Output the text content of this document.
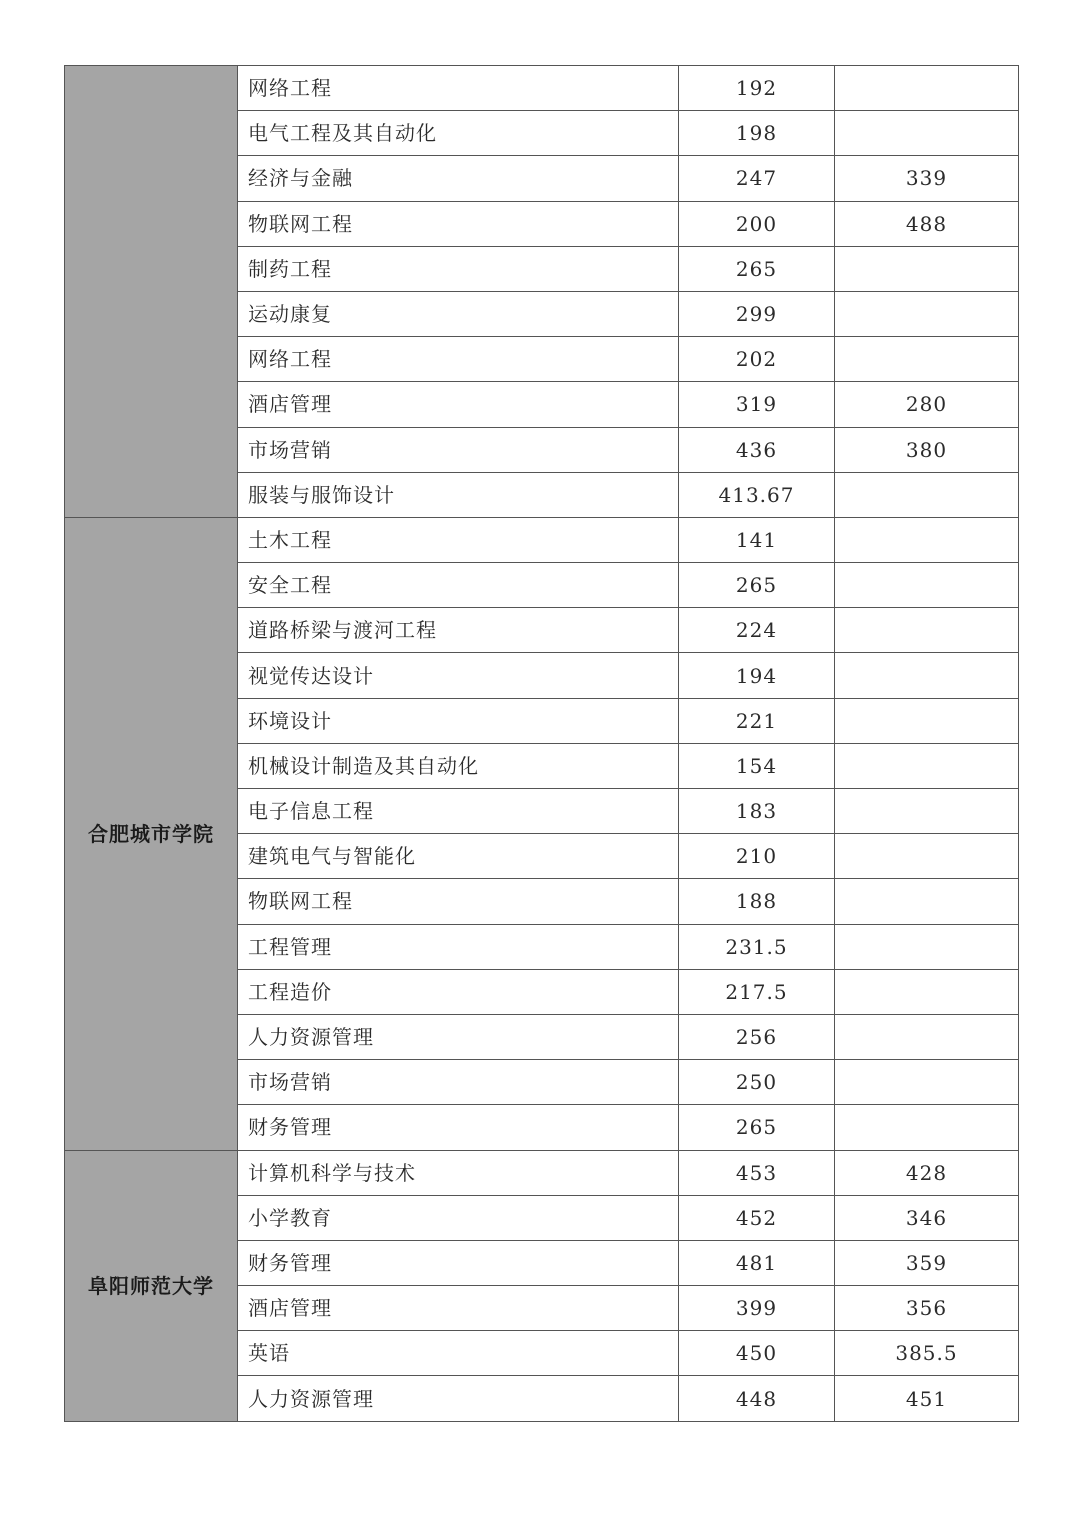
	网络工程	192	
	电气工程及其自动化	198	
	经济与金融	247	339
	物联网工程	200	488
	制药工程	265	
	运动康复	299	
	网络工程	202	
	酒店管理	319	280
	市场营销	436	380
	服装与服饰设计	413.67	
合肥城市学院	土木工程	141	
	安全工程	265	
	道路桥梁与渡河工程	224	
	视觉传达设计	194	
	环境设计	221	
	机械设计制造及其自动化	154	
	电子信息工程	183	
	建筑电气与智能化	210	
	物联网工程	188	
	工程管理	231.5	
	工程造价	217.5	
	人力资源管理	256	
	市场营销	250	
	财务管理	265	
阜阳师范大学	计算机科学与技术	453	428
	小学教育	452	346
	财务管理	481	359
	酒店管理	399	356
	英语	450	385.5
	人力资源管理	448	451
